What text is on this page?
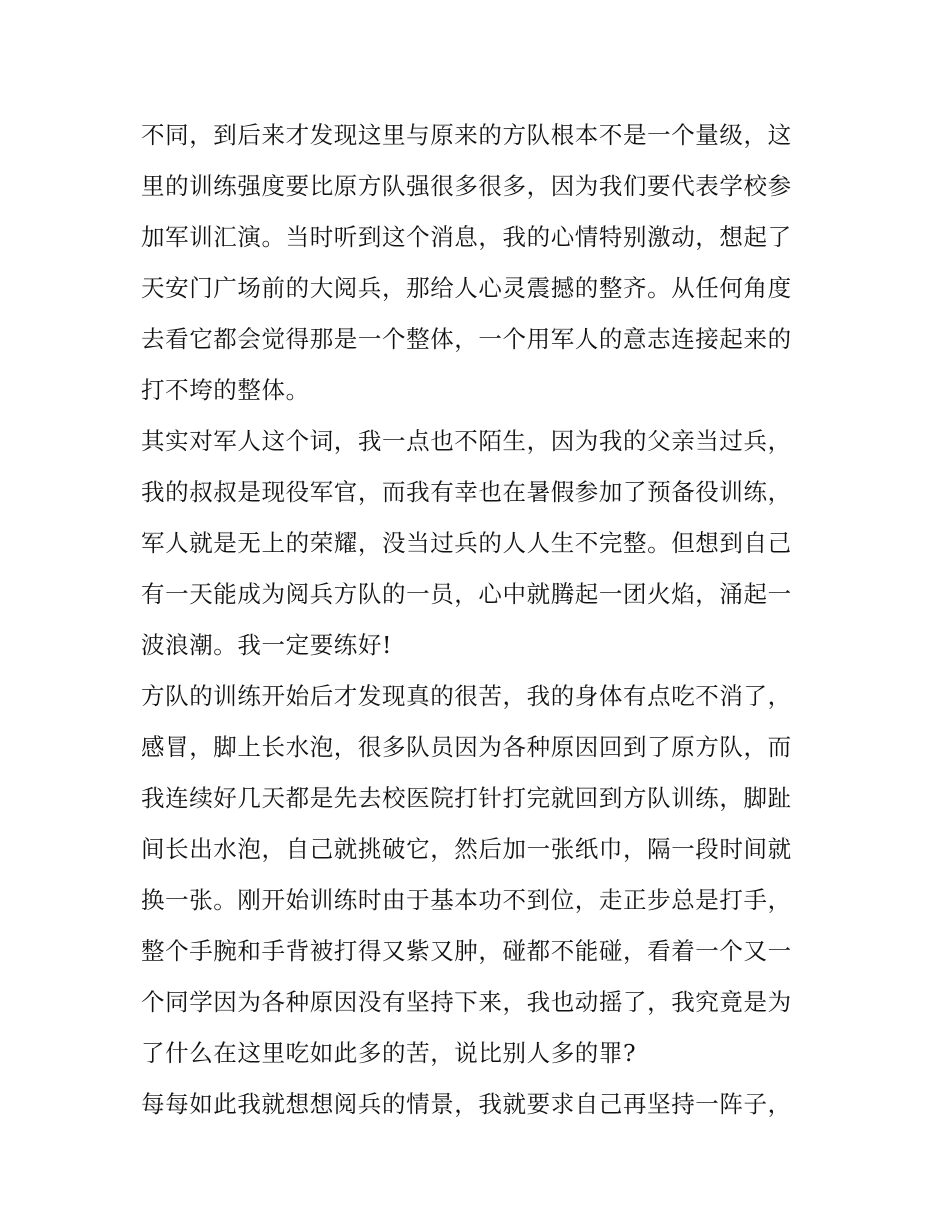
不同，到后来才发现这里与原来的方队根本不是一个量级，这
里的训练强度要比原方队强很多很多，因为我们要代表学校参
加军训汇演。当时听到这个消息，我的心情特别激动，想起了
天安门广场前的大阅兵，那给人心灵震撼的整齐。从任何角度
去看它都会觉得那是一个整体，一个用军人的意志连接起来的
打不垮的整体。
其实对军人这个词，我一点也不陌生，因为我的父亲当过兵，
我的叔叔是现役军官，而我有幸也在暑假参加了预备役训练，
军人就是无上的荣耀，没当过兵的人人生不完整。但想到自己
有一天能成为阅兵方队的一员，心中就腾起一团火焰，涌起一
波浪潮。我一定要练好!
方队的训练开始后才发现真的很苦，我的身体有点吃不消了，
感冒，脚上长水泡，很多队员因为各种原因回到了原方队，而
我连续好几天都是先去校医院打针打完就回到方队训练，脚趾
间长出水泡，自己就挑破它，然后加一张纸巾，隔一段时间就
换一张。刚开始训练时由于基本功不到位，走正步总是打手，
整个手腕和手背被打得又紫又肿，碰都不能碰，看着一个又一
个同学因为各种原因没有坚持下来，我也动摇了，我究竟是为
了什么在这里吃如此多的苦，说比别人多的罪?
每每如此我就想想阅兵的情景，我就要求自己再坚持一阵子，
